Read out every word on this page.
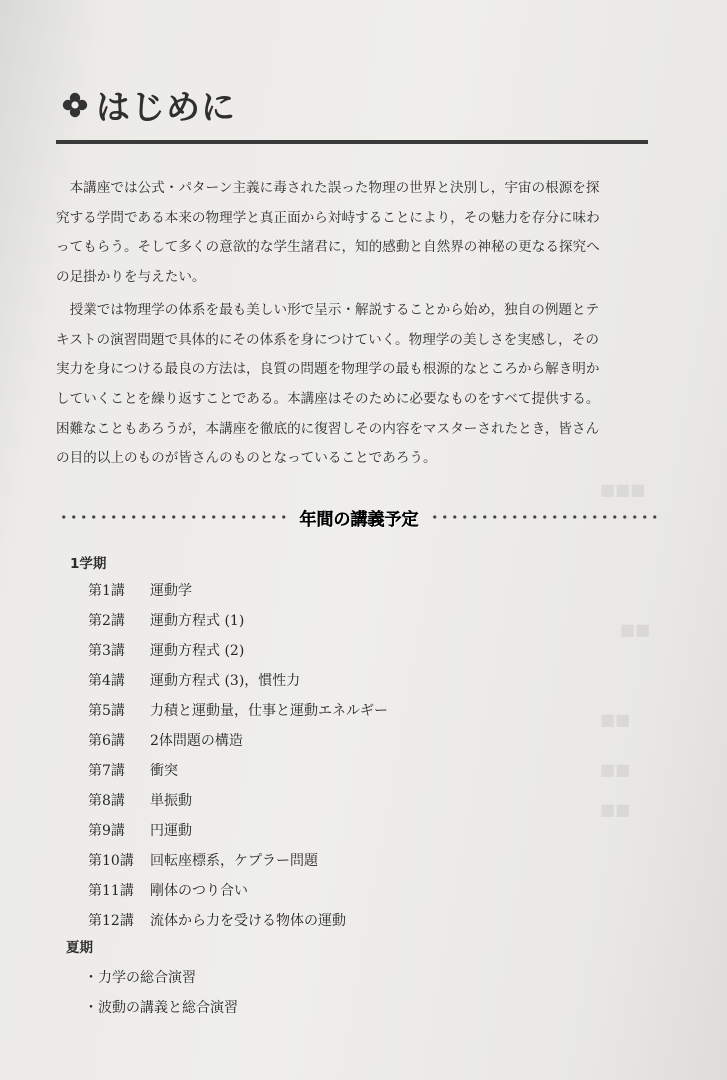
■■■
■■
■■
■■
■■
はじめに

本講座では公式・パターン主義に毒された誤った物理の世界と決別し，宇宙の根源を探
究する学問である本来の物理学と真正面から対峙することにより，その魅力を存分に味わ
ってもらう。そして多くの意欲的な学生諸君に，知的感動と自然界の神秘の更なる探究へ
の足掛かりを与えたい。

授業では物理学の体系を最も美しい形で呈示・解説することから始め，独自の例題とテ
キストの演習問題で具体的にその体系を身につけていく。物理学の美しさを実感し，その
実力を身につける最良の方法は，良質の問題を物理学の最も根源的なところから解き明か
していくことを繰り返すことである。本講座はそのために必要なものをすべて提供する。
困難なこともあろうが，本講座を徹底的に復習しその内容をマスターされたとき，皆さん
の目的以上のものが皆さんのものとなっていることであろう。

年間の講義予定
1学期
第1講	運動学
第2講	運動方程式 (1)
第3講	運動方程式 (2)
第4講	運動方程式 (3)，慣性力
第5講	力積と運動量，仕事と運動エネルギー
第6講	2体問題の構造
第7講	衝突
第8講	単振動
第9講	円運動
第10講	回転座標系，ケプラー問題
第11講	剛体のつり合い
第12講	流体から力を受ける物体の運動
夏期
・力学の総合演習
・波動の講義と総合演習
